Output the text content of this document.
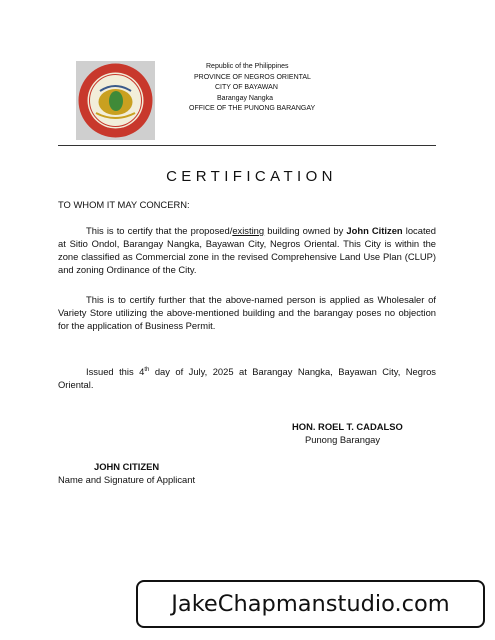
Republic of the Philippines
PROVINCE OF NEGROS ORIENTAL
CITY OF BAYAWAN
Barangay Nangka
OFFICE OF THE PUNONG BARANGAY
CERTIFICATION
TO WHOM IT MAY CONCERN:
This is to certify that the proposed/existing building owned by John Citizen located at Sitio Ondol, Barangay Nangka, Bayawan City, Negros Oriental. This City is within the zone classified as Commercial zone in the revised Comprehensive Land Use Plan (CLUP) and zoning Ordinance of the City.
This is to certify further that the above-named person is applied as Wholesaler of Variety Store utilizing the above-mentioned building and the barangay poses no objection for the application of Business Permit.
Issued this 4th day of July, 2025 at Barangay Nangka, Bayawan City, Negros Oriental.
HON. ROEL T. CADALSO
Punong Barangay
JOHN CITIZEN
Name and Signature of Applicant
JakeChapmanstudio.com
